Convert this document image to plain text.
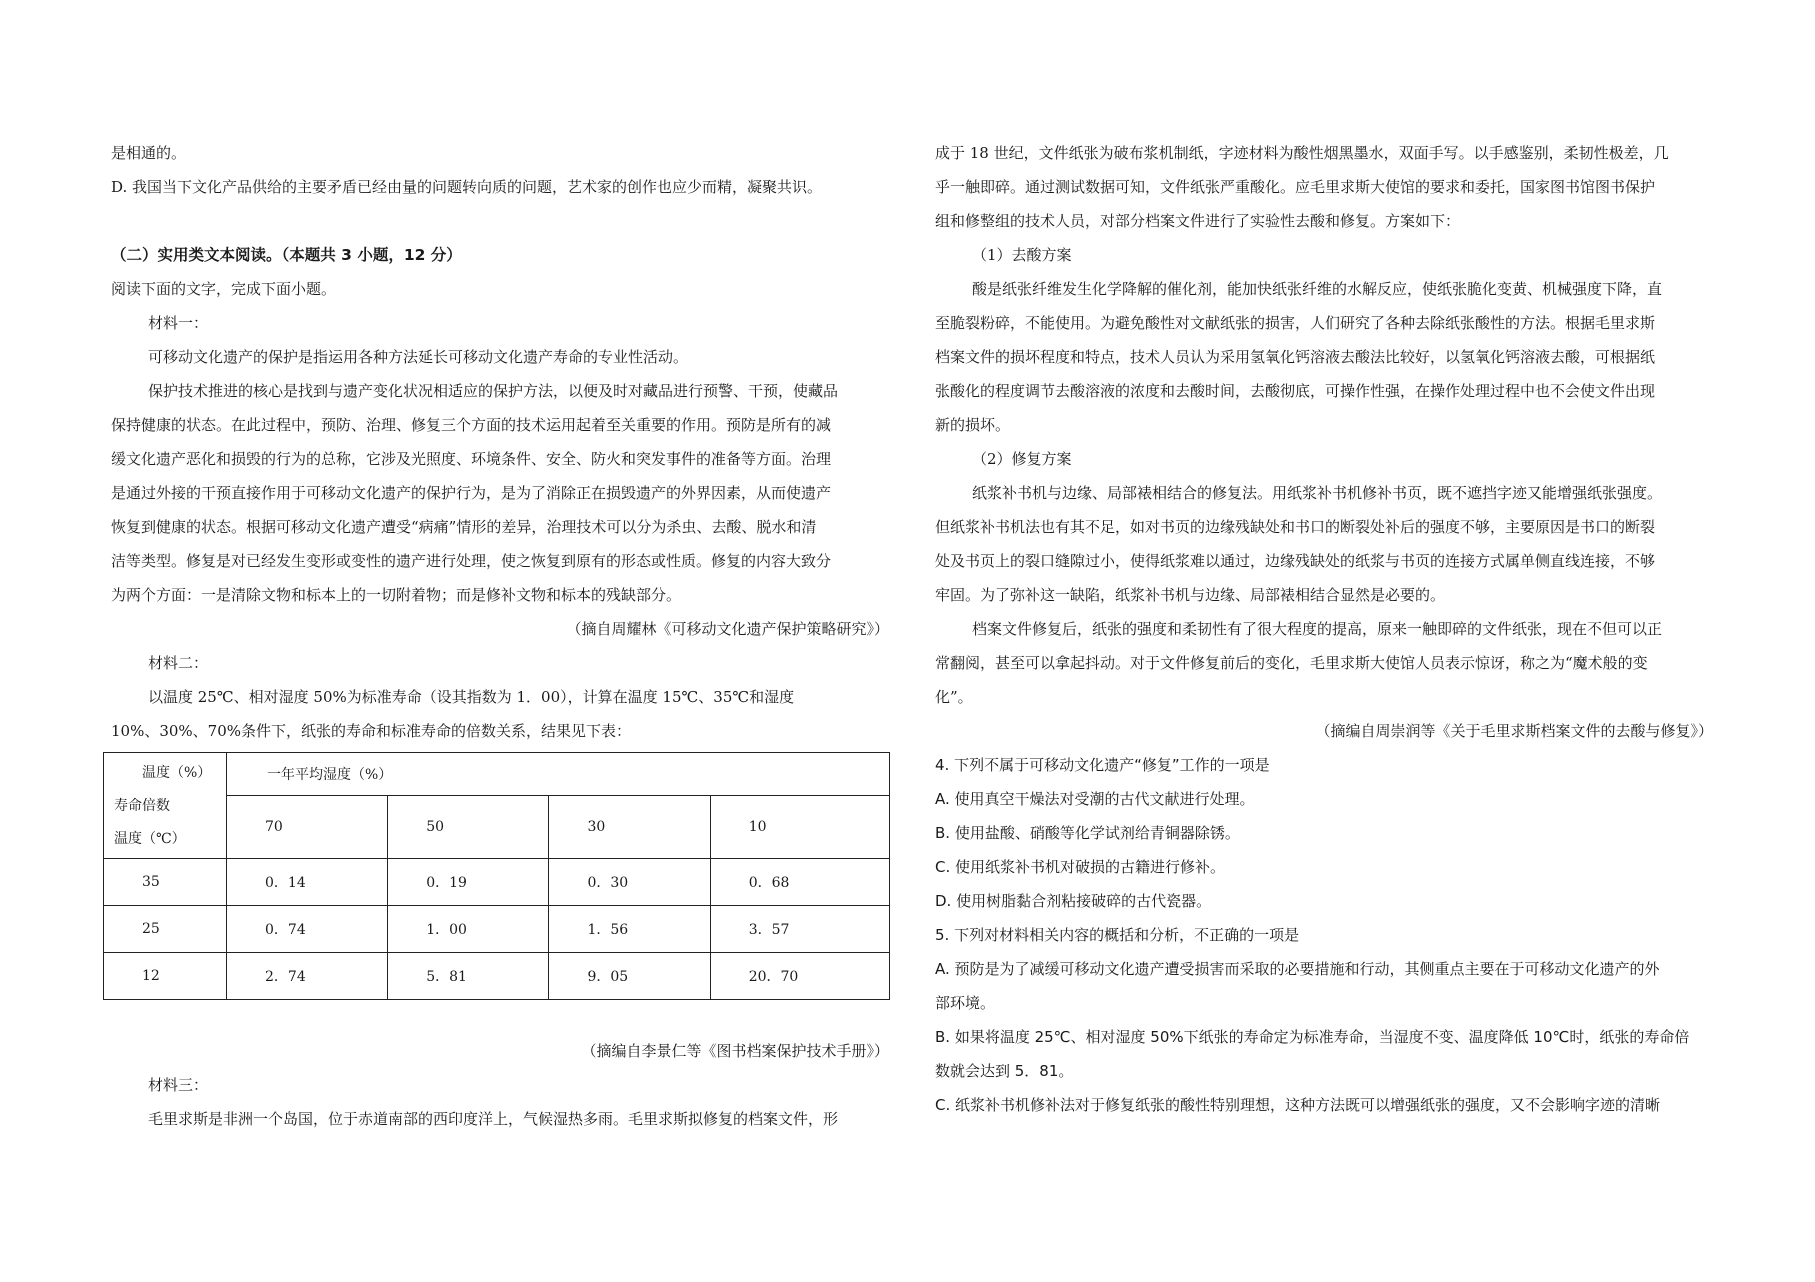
是相通的。

D. 我国当下文化产品供给的主要矛盾已经由量的问题转向质的问题，艺术家的创作也应少而精，凝聚共识。

（二）实用类文本阅读。（本题共 3 小题，12 分）

阅读下面的文字，完成下面小题。

材料一：

可移动文化遗产的保护是指运用各种方法延长可移动文化遗产寿命的专业性活动。

保护技术推进的核心是找到与遗产变化状况相适应的保护方法，以便及时对藏品进行预警、干预，使藏品

保持健康的状态。在此过程中，预防、治理、修复三个方面的技术运用起着至关重要的作用。预防是所有的减

缓文化遗产恶化和损毁的行为的总称，它涉及光照度、环境条件、安全、防火和突发事件的准备等方面。治理

是通过外接的干预直接作用于可移动文化遗产的保护行为，是为了消除正在损毁遗产的外界因素，从而使遗产

恢复到健康的状态。根据可移动文化遗产遭受“病痛”情形的差异，治理技术可以分为杀虫、去酸、脱水和清

洁等类型。修复是对已经发生变形或变性的遗产进行处理，使之恢复到原有的形态或性质。修复的内容大致分

为两个方面：一是清除文物和标本上的一切附着物；而是修补文物和标本的残缺部分。

（摘自周耀林《可移动文化遗产保护策略研究》）

材料二：

以温度 25℃、相对湿度 50%为标准寿命（设其指数为 1．00），计算在温度 15℃、35℃和湿度

10%、30%、70%条件下，纸张的寿命和标准寿命的倍数关系，结果见下表：

温度（%）
寿命倍数
温度（℃）	一年平均湿度（%）			
	70	50	30	10
35	0．14	0．19	0．30	0．68
25	0．74	1．00	1．56	3．57
12	2．74	5．81	9．05	20．70

（摘编自李景仁等《图书档案保护技术手册》）

材料三：

毛里求斯是非洲一个岛国，位于赤道南部的西印度洋上，气候湿热多雨。毛里求斯拟修复的档案文件，形

成于 18 世纪，文件纸张为破布浆机制纸，字迹材料为酸性烟黑墨水，双面手写。以手感鉴别，柔韧性极差，几

乎一触即碎。通过测试数据可知，文件纸张严重酸化。应毛里求斯大使馆的要求和委托，国家图书馆图书保护

组和修整组的技术人员，对部分档案文件进行了实验性去酸和修复。方案如下：

（1）去酸方案

酸是纸张纤维发生化学降解的催化剂，能加快纸张纤维的水解反应，使纸张脆化变黄、机械强度下降，直

至脆裂粉碎，不能使用。为避免酸性对文献纸张的损害，人们研究了各种去除纸张酸性的方法。根据毛里求斯

档案文件的损坏程度和特点，技术人员认为采用氢氧化钙溶液去酸法比较好，以氢氧化钙溶液去酸，可根据纸

张酸化的程度调节去酸溶液的浓度和去酸时间，去酸彻底，可操作性强，在操作处理过程中也不会使文件出现

新的损坏。

（2）修复方案

纸浆补书机与边缘、局部裱相结合的修复法。用纸浆补书机修补书页，既不遮挡字迹又能增强纸张强度。

但纸浆补书机法也有其不足，如对书页的边缘残缺处和书口的断裂处补后的强度不够，主要原因是书口的断裂

处及书页上的裂口缝隙过小，使得纸浆难以通过，边缘残缺处的纸浆与书页的连接方式属单侧直线连接，不够

牢固。为了弥补这一缺陷，纸浆补书机与边缘、局部裱相结合显然是必要的。

档案文件修复后，纸张的强度和柔韧性有了很大程度的提高，原来一触即碎的文件纸张，现在不但可以正

常翻阅，甚至可以拿起抖动。对于文件修复前后的变化，毛里求斯大使馆人员表示惊讶，称之为“魔术般的变

化”。

（摘编自周崇润等《关于毛里求斯档案文件的去酸与修复》）

4. 下列不属于可移动文化遗产“修复”工作的一项是

A. 使用真空干燥法对受潮的古代文献进行处理。

B. 使用盐酸、硝酸等化学试剂给青铜器除锈。

C. 使用纸浆补书机对破损的古籍进行修补。

D. 使用树脂黏合剂粘接破碎的古代瓷器。

5. 下列对材料相关内容的概括和分析，不正确的一项是

A. 预防是为了减缓可移动文化遗产遭受损害而采取的必要措施和行动，其侧重点主要在于可移动文化遗产的外

部环境。

B. 如果将温度 25℃、相对湿度 50%下纸张的寿命定为标准寿命，当湿度不变、温度降低 10℃时，纸张的寿命倍

数就会达到 5．81。

C. 纸浆补书机修补法对于修复纸张的酸性特别理想，这种方法既可以增强纸张的强度，又不会影响字迹的清晰
